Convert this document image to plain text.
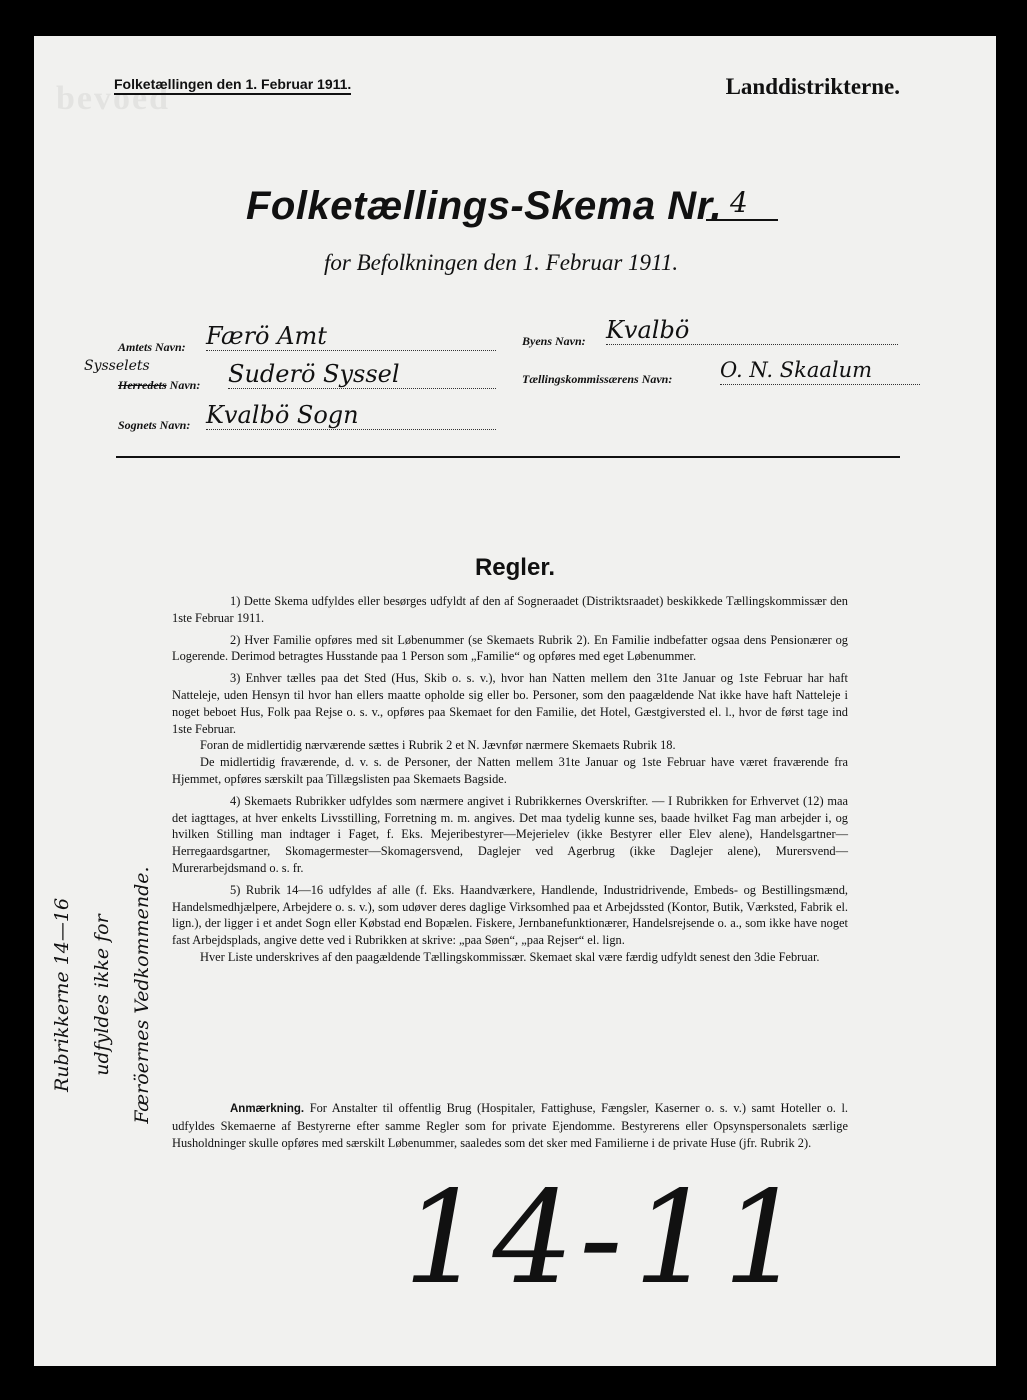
bevoed
Folketællingen den 1. Februar 1911.	Landdistrikterne.
Folketællings-Skema Nr. 4
for Befolkningen den 1. Februar 1911.
Amtets Navn: Færö Amt
Sysselets
Herredets Navn: Suderö Syssel
Sognets Navn: Kvalbö Sogn
Byens Navn: Kvalbö
Tællingskommissærens Navn: O. N. Skaalum
Regler.

1) Dette Skema udfyldes eller besørges udfyldt af den af Sogneraadet (Distriktsraadet) beskikkede Tællingskommissær den 1ste Februar 1911.

2) Hver Familie opføres med sit Løbenummer (se Skemaets Rubrik 2). En Familie indbefatter ogsaa dens Pensionærer og Logerende. Derimod betragtes Husstande paa 1 Person som „Familie“ og opføres med eget Løbenummer.

3) Enhver tælles paa det Sted (Hus, Skib o. s. v.), hvor han Natten mellem den 31te Januar og 1ste Februar har haft Natteleje, uden Hensyn til hvor han ellers maatte opholde sig eller bo. Personer, som den paagældende Nat ikke have haft Natteleje i noget beboet Hus, Folk paa Rejse o. s. v., opføres paa Skemaet for den Familie, det Hotel, Gæstgiversted el. l., hvor de først tage ind 1ste Februar.

Foran de midlertidig nærværende sættes i Rubrik 2 et N. Jævnfør nærmere Skemaets Rubrik 18.

De midlertidig fraværende, d. v. s. de Personer, der Natten mellem 31te Januar og 1ste Februar have været fraværende fra Hjemmet, opføres særskilt paa Tillægslisten paa Skemaets Bagside.

4) Skemaets Rubrikker udfyldes som nærmere angivet i Rubrikkernes Overskrifter. — I Rubrikken for Erhvervet (12) maa det iagttages, at hver enkelts Livsstilling, Forretning m. m. angives. Det maa tydelig kunne ses, baade hvilket Fag man arbejder i, og hvilken Stilling man indtager i Faget, f. Eks. Mejeribestyrer—Mejerielev (ikke Bestyrer eller Elev alene), Handelsgartner—Herregaardsgartner, Skomagermester—Skomagersvend, Daglejer ved Agerbrug (ikke Daglejer alene), Murersvend—Murerarbejdsmand o. s. fr.

5) Rubrik 14—16 udfyldes af alle (f. Eks. Haandværkere, Handlende, Industridrivende, Embeds- og Bestillingsmænd, Handelsmedhjælpere, Arbejdere o. s. v.), som udøver deres daglige Virksomhed paa et Arbejdssted (Kontor, Butik, Værksted, Fabrik el. lign.), der ligger i et andet Sogn eller Købstad end Bopælen. Fiskere, Jernbanefunktionærer, Handelsrejsende o. a., som ikke have noget fast Arbejdsplads, angive dette ved i Rubrikken at skrive: „paa Søen“, „paa Rejser“ el. lign.

Hver Liste underskrives af den paagældende Tællingskommissær. Skemaet skal være færdig udfyldt senest den 3die Februar.

Anmærkning. For Anstalter til offentlig Brug (Hospitaler, Fattighuse, Fængsler, Kaserner o. s. v.) samt Hoteller o. l. udfyldes Skemaerne af Bestyrerne efter samme Regler som for private Ejendomme. Bestyrerens eller Opsynspersonalets særlige Husholdninger skulle opføres med særskilt Løbenummer, saaledes som det sker med Familierne i de private Huse (jfr. Rubrik 2).

Rubrikkerne 14—16 udfyldes ikke for Færöernes Vedkommende.
14-11
